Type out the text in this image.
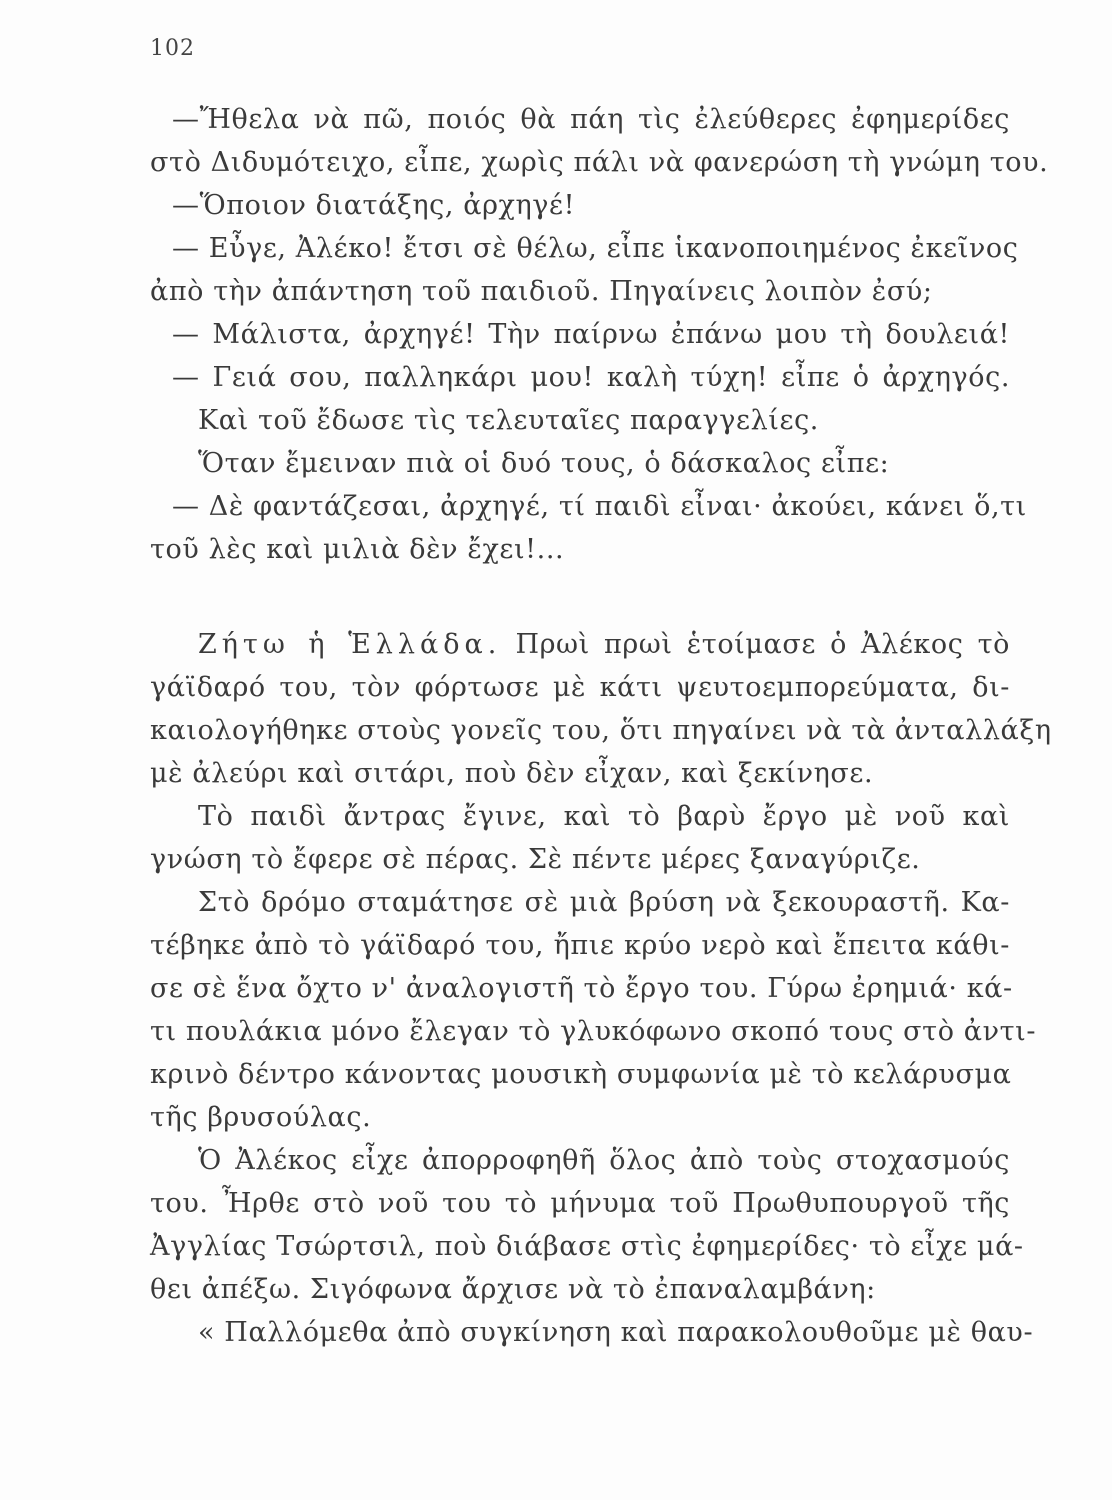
102
—Ἤθελα νὰ πῶ, ποιός θὰ πάη τὶς ἐλεύθερες ἐφημερίδες
στὸ Διδυμότειχο, εἶπε, χωρὶς πάλι νὰ φανερώση τὴ γνώμη του.
—Ὅποιον διατάξης, ἀρχηγέ!
— Εὖγε, Ἀλέκο! ἔτσι σὲ θέλω, εἶπε ἱκανοποιημένος ἐκεῖνος
ἀπὸ τὴν ἀπάντηση τοῦ παιδιοῦ. Πηγαίνεις λοιπὸν ἐσύ;
— Μάλιστα, ἀρχηγέ! Τὴν παίρνω ἐπάνω μου τὴ δουλειά!
— Γειά σου, παλληκάρι μου! καλὴ τύχη! εἶπε ὁ ἀρχηγός.
Καὶ τοῦ ἔδωσε τὶς τελευταῖες παραγγελίες.
Ὅταν ἔμειναν πιὰ οἱ δυό τους, ὁ δάσκαλος εἶπε:
— Δὲ φαντάζεσαι, ἀρχηγέ, τί παιδὶ εἶναι· ἀκούει, κάνει ὅ,τι
τοῦ λὲς καὶ μιλιὰ δὲν ἔχει!...
Ζήτω ἡ Ἑλλάδα. Πρωὶ πρωὶ ἑτοίμασε ὁ Ἀλέκος τὸ
γάϊδαρό του, τὸν φόρτωσε μὲ κάτι ψευτοεμπορεύματα, δι-
καιολογήθηκε στοὺς γονεῖς του, ὅτι πηγαίνει νὰ τὰ ἀνταλλάξη
μὲ ἀλεύρι καὶ σιτάρι, ποὺ δὲν εἶχαν, καὶ ξεκίνησε.
Τὸ παιδὶ ἄντρας ἔγινε, καὶ τὸ βαρὺ ἔργο μὲ νοῦ καὶ
γνώση τὸ ἔφερε σὲ πέρας. Σὲ πέντε μέρες ξαναγύριζε.
Στὸ δρόμο σταμάτησε σὲ μιὰ βρύση νὰ ξεκουραστῆ. Κα-
τέβηκε ἀπὸ τὸ γάϊδαρό του, ἤπιε κρύο νερὸ καὶ ἔπειτα κάθι-
σε σὲ ἕνα ὄχτο ν' ἀναλογιστῆ τὸ ἔργο του. Γύρω ἐρημιά· κά-
τι πουλάκια μόνο ἔλεγαν τὸ γλυκόφωνο σκοπό τους στὸ ἀντι-
κρινὸ δέντρο κάνοντας μουσικὴ συμφωνία μὲ τὸ κελάρυσμα
τῆς βρυσούλας.
Ὁ Ἀλέκος εἶχε ἀπορροφηθῆ ὅλος ἀπὸ τοὺς στοχασμούς
του. Ἦρθε στὸ νοῦ του τὸ μήνυμα τοῦ Πρωθυπουργοῦ τῆς
Ἀγγλίας Τσώρτσιλ, ποὺ διάβασε στὶς ἐφημερίδες· τὸ εἶχε μά-
θει ἀπέξω. Σιγόφωνα ἄρχισε νὰ τὸ ἐπαναλαμβάνη:
« Παλλόμεθα ἀπὸ συγκίνηση καὶ παρακολουθοῦμε μὲ θαυ-
